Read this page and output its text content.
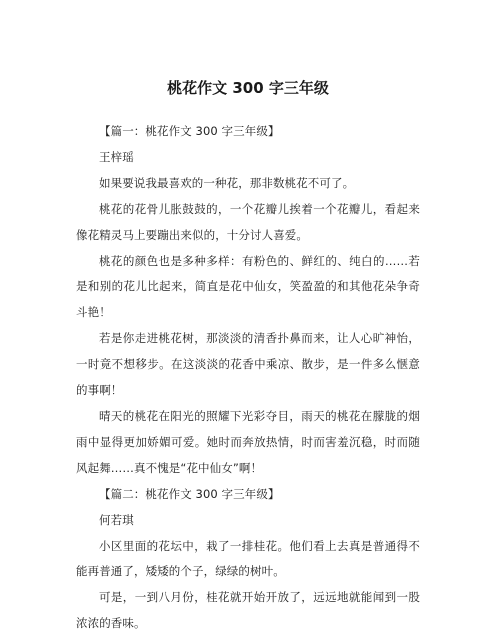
桃花作文 300 字三年级

【篇一：桃花作文 300 字三年级】

王梓瑶

如果要说我最喜欢的一种花，那非数桃花不可了。

桃花的花骨儿胀鼓鼓的，一个花瓣儿挨着一个花瓣儿，看起来像花精灵马上要蹦出来似的，十分讨人喜爱。

桃花的颜色也是多种多样：有粉色的、鲜红的、纯白的……若是和别的花儿比起来，简直是花中仙女，笑盈盈的和其他花朵争奇斗艳！

若是你走进桃花树，那淡淡的清香扑鼻而来，让人心旷神怡，一时竟不想移步。在这淡淡的花香中乘凉、散步，是一件多么惬意的事啊！

晴天的桃花在阳光的照耀下光彩夺目，雨天的桃花在朦胧的烟雨中显得更加娇媚可爱。她时而奔放热情，时而害羞沉稳，时而随风起舞……真不愧是“花中仙女”啊！

【篇二：桃花作文 300 字三年级】

何若琪

小区里面的花坛中，栽了一排桂花。他们看上去真是普通得不能再普通了，矮矮的个子，绿绿的树叶。

可是，一到八月份，桂花就开始开放了，远远地就能闻到一股浓浓的香味。
